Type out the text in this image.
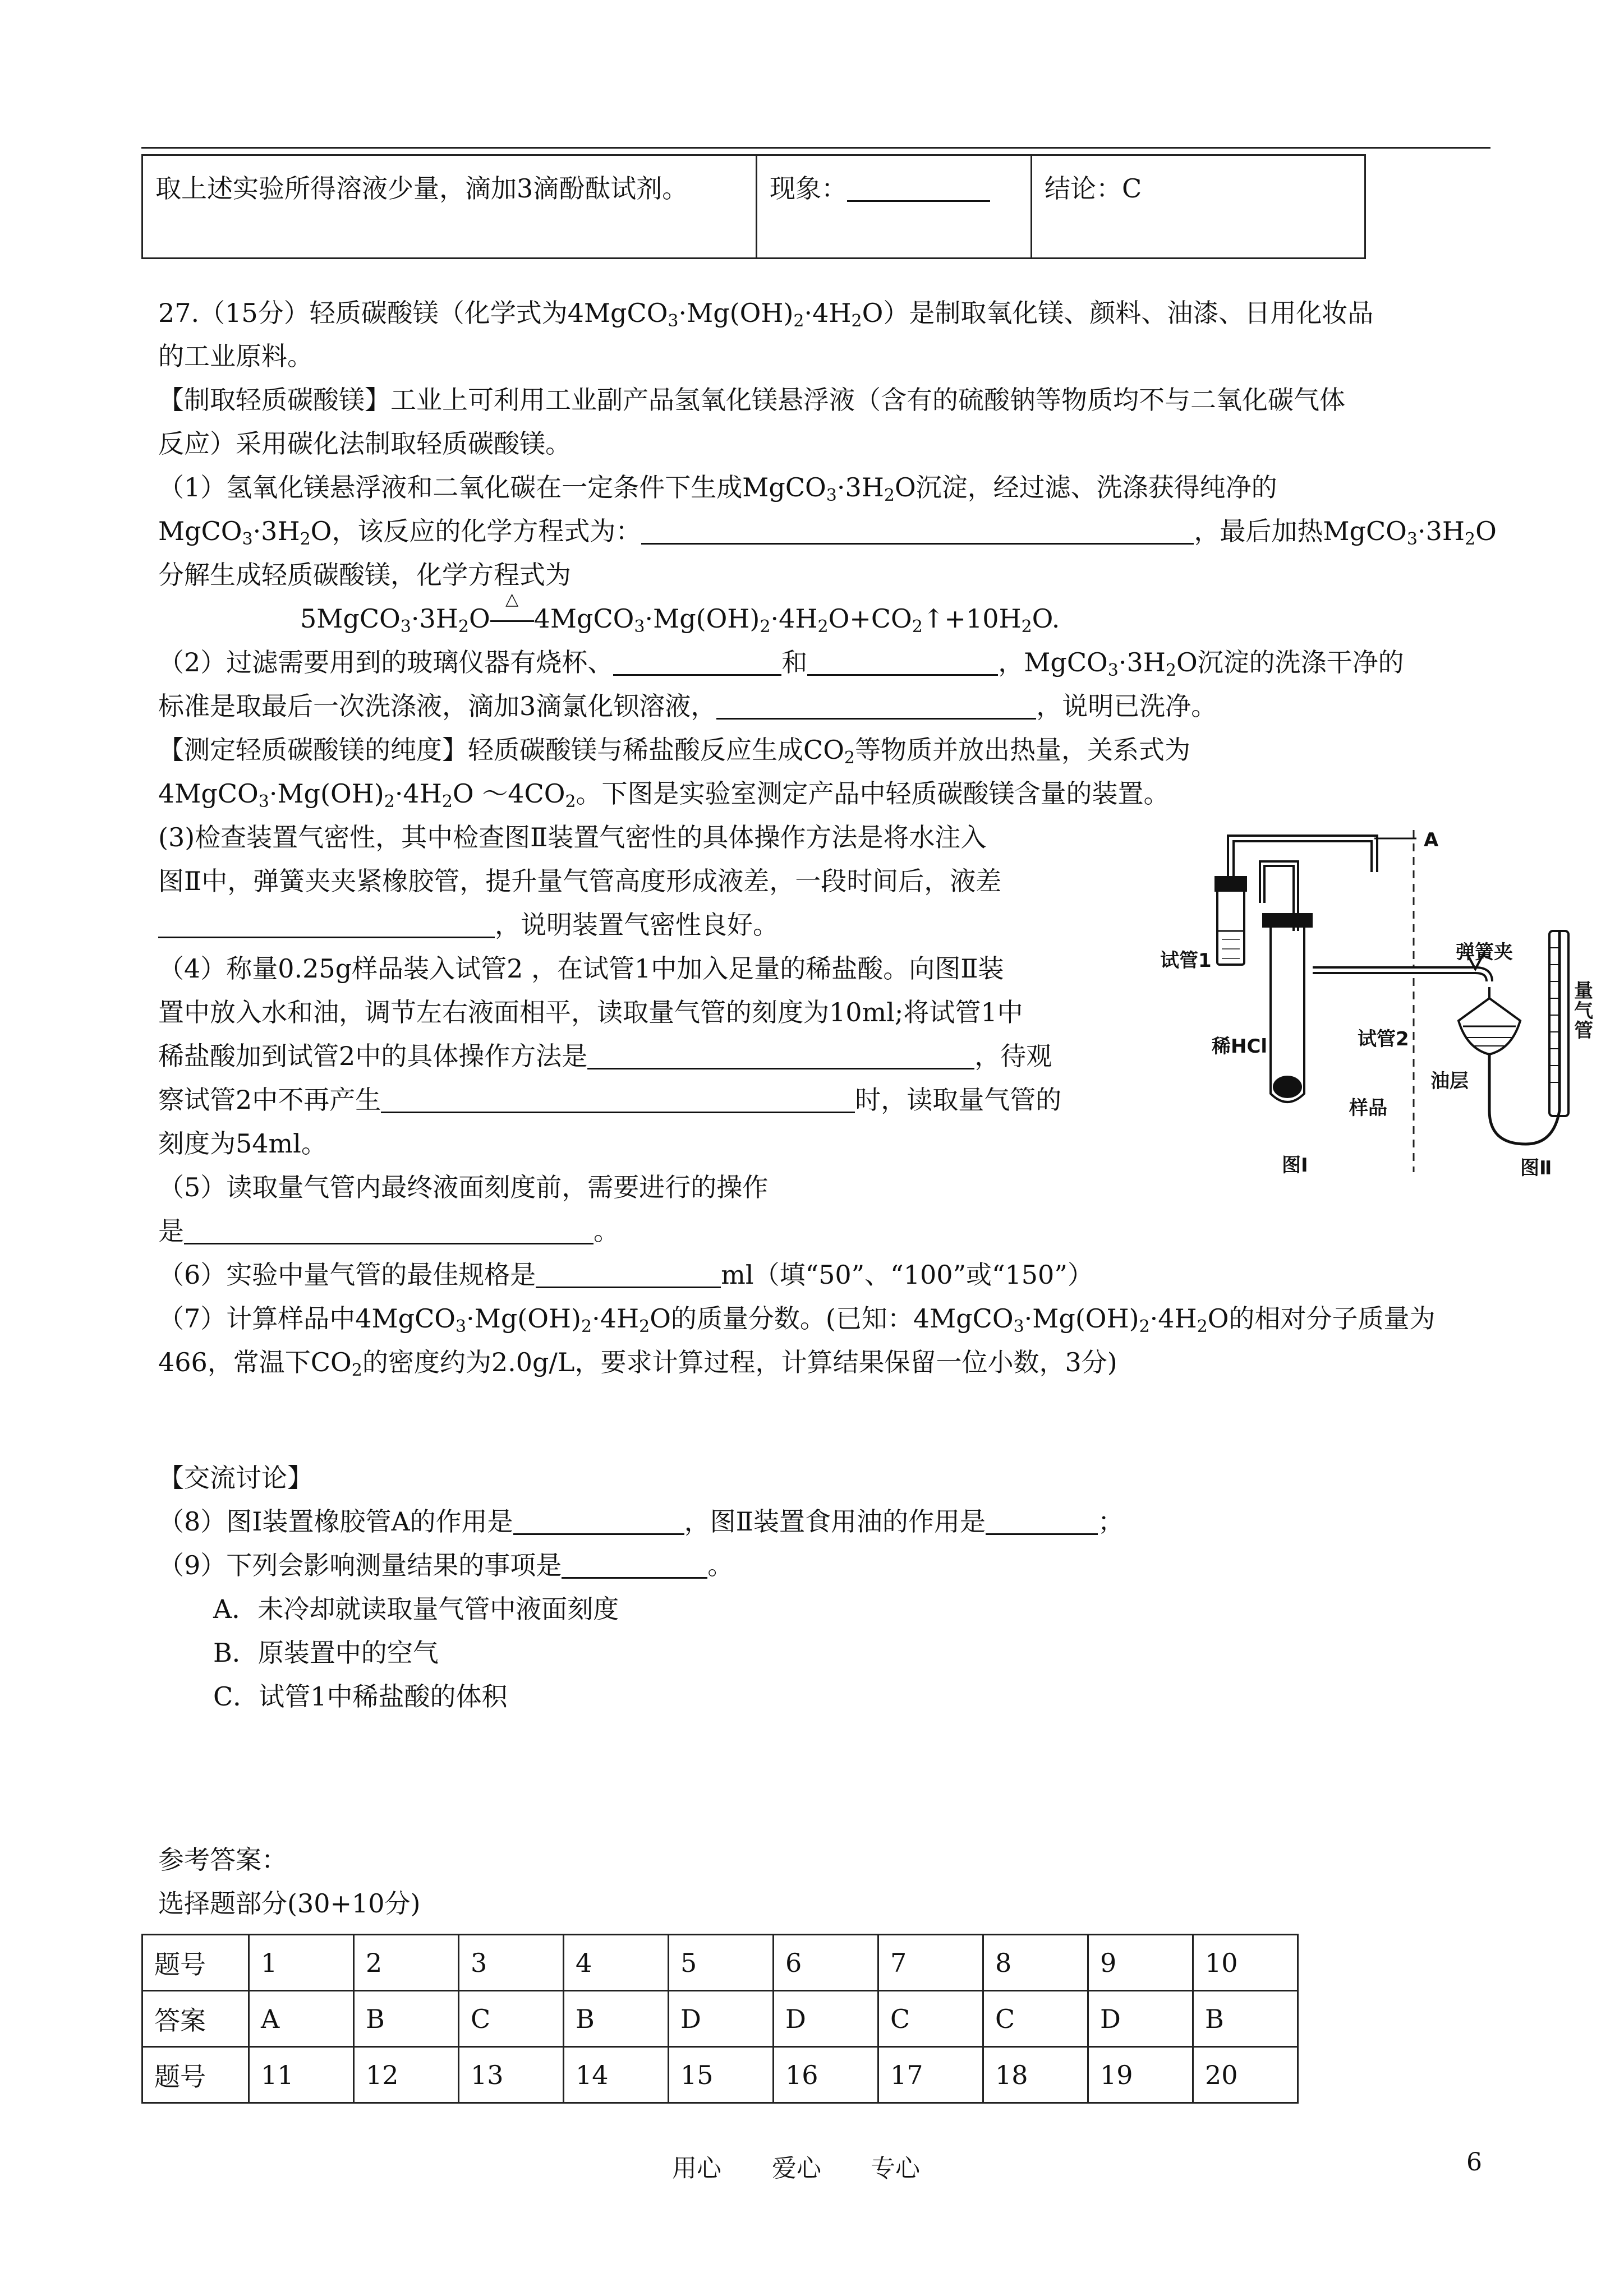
取上述实验所得溶液少量，滴加3滴酚酞试剂。	现象：	结论：C
27.（15分）轻质碳酸镁（化学式为$4MgCO_3\cdot Mg(OH)_2\cdot 4H_2O$）是制取氧化镁、颜料、油漆、日用化妆品
的工业原料。
【制取轻质碳酸镁】工业上可利用工业副产品氢氧化镁悬浮液（含有的硫酸钠等物质均不与二氧化碳气体
反应）采用碳化法制取轻质碳酸镁。
（1）氢氧化镁悬浮液和二氧化碳在一定条件下生成$MgCO_3\cdot 3H_2O$沉淀，经过滤、洗涤获得纯净的
$MgCO_3\cdot 3H_2O$，该反应的化学方程式为：	，最后加热$MgCO_3\cdot 3H_2O$
分解生成轻质碳酸镁，化学方程式为
$5MgCO_3\cdot 3H_2O$
△
$4MgCO_3\cdot Mg(OH)_2\cdot 4H_2O+CO_2↑+10H_2O$.
（2）过滤需要用到的玻璃仪器有烧杯、	和	，$MgCO_3\cdot 3H_2O$沉淀的洗涤干净的
标准是取最后一次洗涤液，滴加3滴氯化钡溶液，	，说明已洗净。
【测定轻质碳酸镁的纯度】轻质碳酸镁与稀盐酸反应生成$CO_2$等物质并放出热量，关系式为
$4MgCO_3\cdot Mg(OH)_2\cdot 4H_2O$ $\sim 4CO_2$。下图是实验室测定产品中轻质碳酸镁含量的装置。
(3)检查装置气密性，其中检查图Ⅱ装置气密性的具体操作方法是将水注入
图Ⅱ中，弹簧夹夹紧橡胶管，提升量气管高度形成液差，一段时间后，液差
，说明装置气密性良好。
（4）称量0.25g样品装入试管2 ，在试管1中加入足量的稀盐酸。向图Ⅱ装
置中放入水和油，调节左右液面相平，读取量气管的刻度为10ml;将试管1中
稀盐酸加到试管2中的具体操作方法是	，待观
察试管2中不再产生	时，读取量气管的
刻度为54ml。
（5）读取量气管内最终液面刻度前，需要进行的操作
是	。
（6）实验中量气管的最佳规格是	ml（填“50”、“100”或“150”）
（7）计算样品中$4MgCO_3\cdot Mg(OH)_2\cdot 4H_2O$的质量分数。(已知：$4MgCO_3\cdot Mg(OH)_2\cdot 4H_2O$的相对分子质量为
466，常温下$CO_2$的密度约为2.0g/L，要求计算过程，计算结果保留一位小数，3分)
【交流讨论】
（8）图Ⅰ装置橡胶管A的作用是	，图Ⅱ装置食用油的作用是	；
（9）下列会影响测量结果的事项是	。
A．未冷却就读取量气管中液面刻度
B．原装置中的空气
C．试管1中稀盐酸的体积
A
试管1
稀HCl	试管2
样品
弹簧夹
油层
量气管
图Ⅰ	图Ⅱ
参考答案：
选择题部分(30+10分)
题号	1	2	3	4	5	6	7	8	9	10
答案	A	B	C	B	D	D	C	C	D	B
题号	11	12	13	14	15	16	17	18	19	20
用心 爱心 专心	6
